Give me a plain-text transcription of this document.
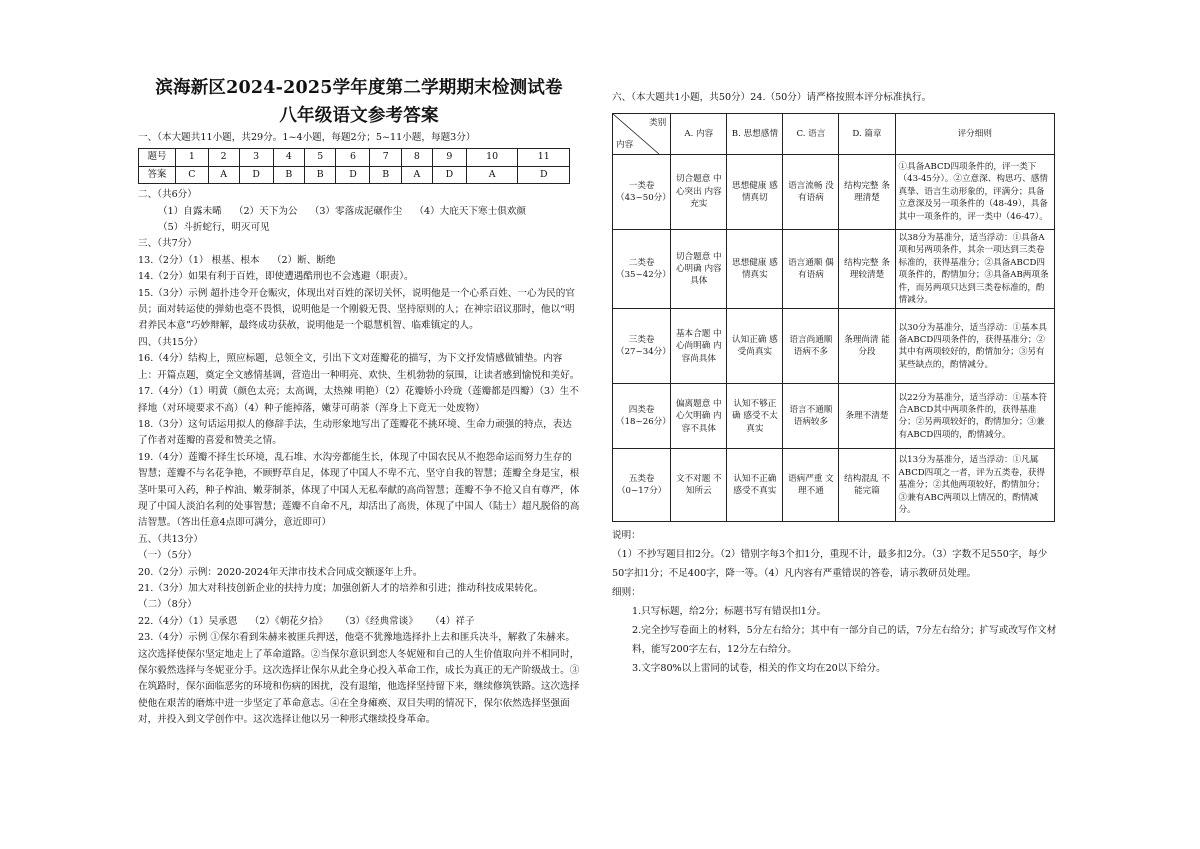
滨海新区2024-2025学年度第二学期期末检测试卷
八年级语文参考答案
一、（本大题共11小题，共29分。1~4小题，每题2分；5~11小题，每题3分）
题号	1	2	3	4	5	6	7	8	9	10	11
答案	C	A	D	B	B	D	B	A	D	A	D
二、（共6分）
（1）自露未晞    （2）天下为公    （3）零落成泥碾作尘    （4）大庇天下寒士俱欢颜
（5）斗折蛇行，明灭可见
三、（共7分）
13.（2分）（1） 根基、根本    （2）断、断绝
14.（2分）如果有利于百姓，即使遭遇酷刑也不会逃避（职责）。
15.（3分）示例 超扑违令开仓赈灾，体现出对百姓的深切关怀，说明他是一个心系百姓、一心为民的官员；面对转运使的弹劾也毫不畏惧，说明他是一个刚毅无畏、坚持原则的人；在神宗诏议那时，他以“明君养民本意”巧妙辩解，最终成功获赦，说明他是一个聪慧机智、临难镇定的人。
四、（共15分）
16.（4分）结构上，照应标题，总领全文，引出下文对莲瓣花的描写，为下文抒发情感做铺垫。内容上：开篇点题，奠定全文感情基调，营造出一种明亮、欢快、生机勃勃的氛围，让读者感到愉悦和美好。
17.（4分）（1）明黄（颜色太亮；太高调，太热辣 明艳）（2）花瓣娇小玲珑（莲瓣都是四瓣）（3）生不择地（对环境要求不高）（4）种子能掉落，嫩芽可萌茶（浑身上下竟无一处废物）
18.（3分）这句话运用拟人的修辞手法，生动形象地写出了莲瓣花不挑环境、生命力顽强的特点，表达了作者对莲瓣的喜爱和赞美之情。
19.（4分）莲瓣不择生长环境，乱石堆、水沟旁都能生长，体现了中国农民从不抱怨命运而努力生存的智慧；莲瓣不与名花争艳，不顾野草自足，体现了中国人不卑不亢、坚守自我的智慧；莲瓣全身是宝，根茎叶果可入药，种子榨油、嫩芽制茶，体现了中国人无私奉献的高尚智慧；莲瓣不争不抢又自有尊严，体现了中国人淡泊名利的处事智慧；莲瓣不自命不凡，却活出了高贵，体现了中国人（陆士）超凡脱俗的高洁智慧。（答出任意4点即可满分，意近即可）
五、（共13分）
（一）（5分）
20.（2分）示例：2020-2024年天津市技术合同成交额逐年上升。
21.（3分）加大对科技创新企业的扶持力度；加强创新人才的培养和引进；推动科技成果转化。
（二）（8分）
22.（4分）（1）吴承恩    （2）《朝花夕拾》    （3）《经典常谈》    （4）祥子
23.（4分）示例 ①保尔看到朱赫来被匪兵押送，他毫不犹豫地选择扑上去和匪兵决斗，解救了朱赫来。这次选择使保尔坚定地走上了革命道路。②当保尔意识到恋人冬妮娅和自己的人生价值取向并不相同时，保尔毅然选择与冬妮亚分手。这次选择让保尔从此全身心投入革命工作，成长为真正的无产阶级战士。③在筑路时，保尔面临恶劣的环境和伤病的困扰，没有退缩，他选择坚持留下来，继续修筑铁路。这次选择使他在艰苦的磨炼中进一步坚定了革命意志。④在全身瘫痪、双目失明的情况下，保尔依然选择坚强面对，并投入到文学创作中。这次选择让他以另一种形式继续投身革命。
六、（本大题共1小题，共50分）24.（50分）请严格按照本评分标准执行。
类别
内容	A. 内容	B. 思想感情	C. 语言	D. 篇章	评分细则
一类卷（43~50分）	切合题意 中心突出 内容充实	思想健康 感情真切	语言流畅 没有语病	结构完整 条理清楚	①具备ABCD四项条件的，评一类下（43-45分）。②立意深、构思巧、感情真挚、语言生动形象的，评满分；具备立意深及另一项条件的（48-49），具备其中一项条件的，评一类中（46-47）。
二类卷（35~42分）	切合题意 中心明确 内容具体	思想健康 感情真实	语言通顺 偶有语病	结构完整 条理较清楚	以38分为基准分，适当浮动：①具备A项和另两项条件，其余一项达到三类卷标准的，获得基准分；②具备ABCD四项条件的，酌情加分；③具备AB两项条件，而另两项只达到三类卷标准的，酌情减分。
三类卷（27~34分）	基本合题 中心尚明确 内容尚具体	认知正确 感受尚真实	语言尚通顺 语病不多	条理尚清 能分段	以30分为基准分，适当浮动：①基本具备ABCD四项条件的，获得基准分；②其中有两项较好的，酌情加分；③另有某些缺点的，酌情减分。
四类卷（18~26分）	偏离题意 中心欠明确 内容不具体	认知不够正确 感受不太真实	语言不通顺 语病较多	条理不清楚	以22分为基准分，适当浮动：①基本符合ABCD其中两项条件的，获得基准分；②另两项较好的，酌情加分；③兼有ABCD四项的，酌情减分。
五类卷（0~17分）	文不对题 不知所云	认知不正确 感受不真实	语病严重 文理不通	结构混乱 不能完篇	以13分为基准分，适当浮动：①凡属ABCD四项之一者，评为五类卷，获得基准分；②其他两项较好，酌情加分；③兼有ABC两项以上情况的，酌情减分。
说明：
（1）不抄写题目扣2分。（2）错别字每3个扣1分，重现不计，最多扣2分。（3）字数不足550字，每少50字扣1分；不足400字，降一等。（4）凡内容有严重错误的答卷，请示教研员处理。
细则：
1.只写标题，给2分；标题书写有错误扣1分。
2.完全抄写卷面上的材料，5分左右给分；其中有一部分自己的话，7分左右给分；扩写或改写作文材料，能写200字左右，12分左右给分。
3.文字80%以上雷同的试卷，相关的作文均在20以下给分。
